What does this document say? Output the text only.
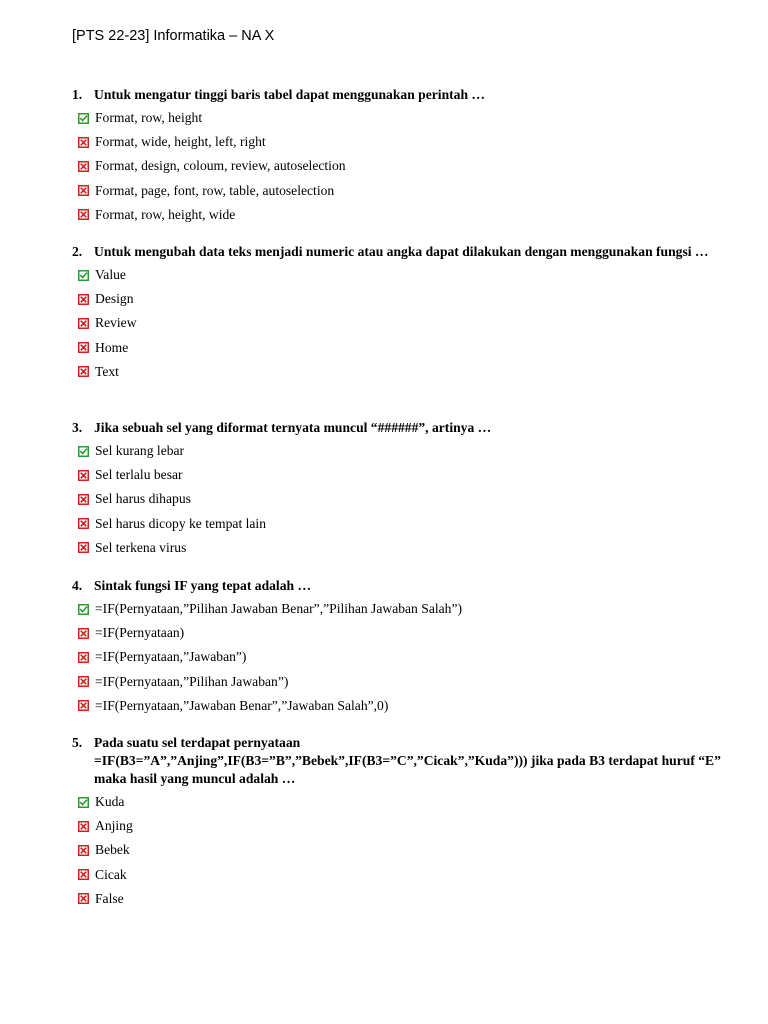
[PTS 22-23] Informatika – NA X
1. Untuk mengatur tinggi baris tabel dapat menggunakan perintah …
Format, row, height
Format, wide, height, left, right
Format, design, coloum, review, autoselection
Format, page, font, row, table, autoselection
Format, row, height, wide
2. Untuk mengubah data teks menjadi numeric atau angka dapat dilakukan dengan menggunakan fungsi …
Value
Design
Review
Home
Text
3. Jika sebuah sel yang diformat ternyata muncul “######”, artinya …
Sel kurang lebar
Sel terlalu besar
Sel harus dihapus
Sel harus dicopy ke tempat lain
Sel terkena virus
4. Sintak fungsi IF yang tepat adalah …
=IF(Pernyataan,”Pilihan Jawaban Benar”,”Pilihan Jawaban Salah”)
=IF(Pernyataan)
=IF(Pernyataan,”Jawaban”)
=IF(Pernyataan,”Pilihan Jawaban”)
=IF(Pernyataan,”Jawaban Benar”,”Jawaban Salah”,0)
5. Pada suatu sel terdapat pernyataan
=IF(B3=”A”,”Anjing”,IF(B3=”B”,”Bebek”,IF(B3=”C”,”Cicak”,”Kuda”))) jika pada B3 terdapat huruf “E” maka hasil yang muncul adalah …
Kuda
Anjing
Bebek
Cicak
False
